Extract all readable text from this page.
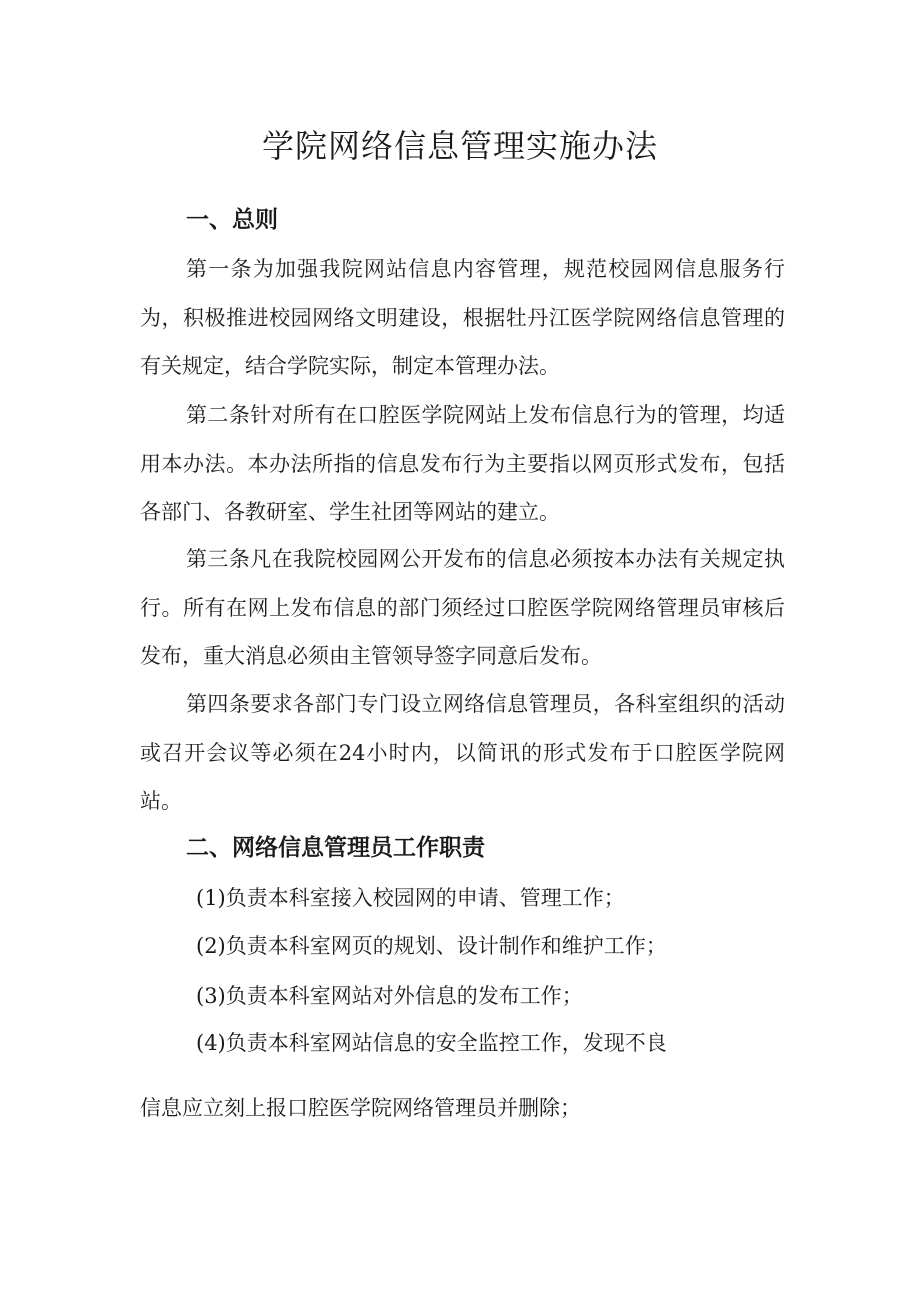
学院网络信息管理实施办法
一、总则

第一条为加强我院网站信息内容管理，规范校园网信息服务行为，积极推进校园网络文明建设，根据牡丹江医学院网络信息管理的有关规定，结合学院实际，制定本管理办法。

第二条针对所有在口腔医学院网站上发布信息行为的管理，均适用本办法。本办法所指的信息发布行为主要指以网页形式发布，包括各部门、各教研室、学生社团等网站的建立。

第三条凡在我院校园网公开发布的信息必须按本办法有关规定执行。所有在网上发布信息的部门须经过口腔医学院网络管理员审核后发布，重大消息必须由主管领导签字同意后发布。

第四条要求各部门专门设立网络信息管理员，各科室组织的活动或召开会议等必须在24小时内，以简讯的形式发布于口腔医学院网站。

二、网络信息管理员工作职责

(1)负责本科室接入校园网的申请、管理工作；

(2)负责本科室网页的规划、设计制作和维护工作；

(3)负责本科室网站对外信息的发布工作；

(4)负责本科室网站信息的安全监控工作，发现不良

信息应立刻上报口腔医学院网络管理员并删除；
